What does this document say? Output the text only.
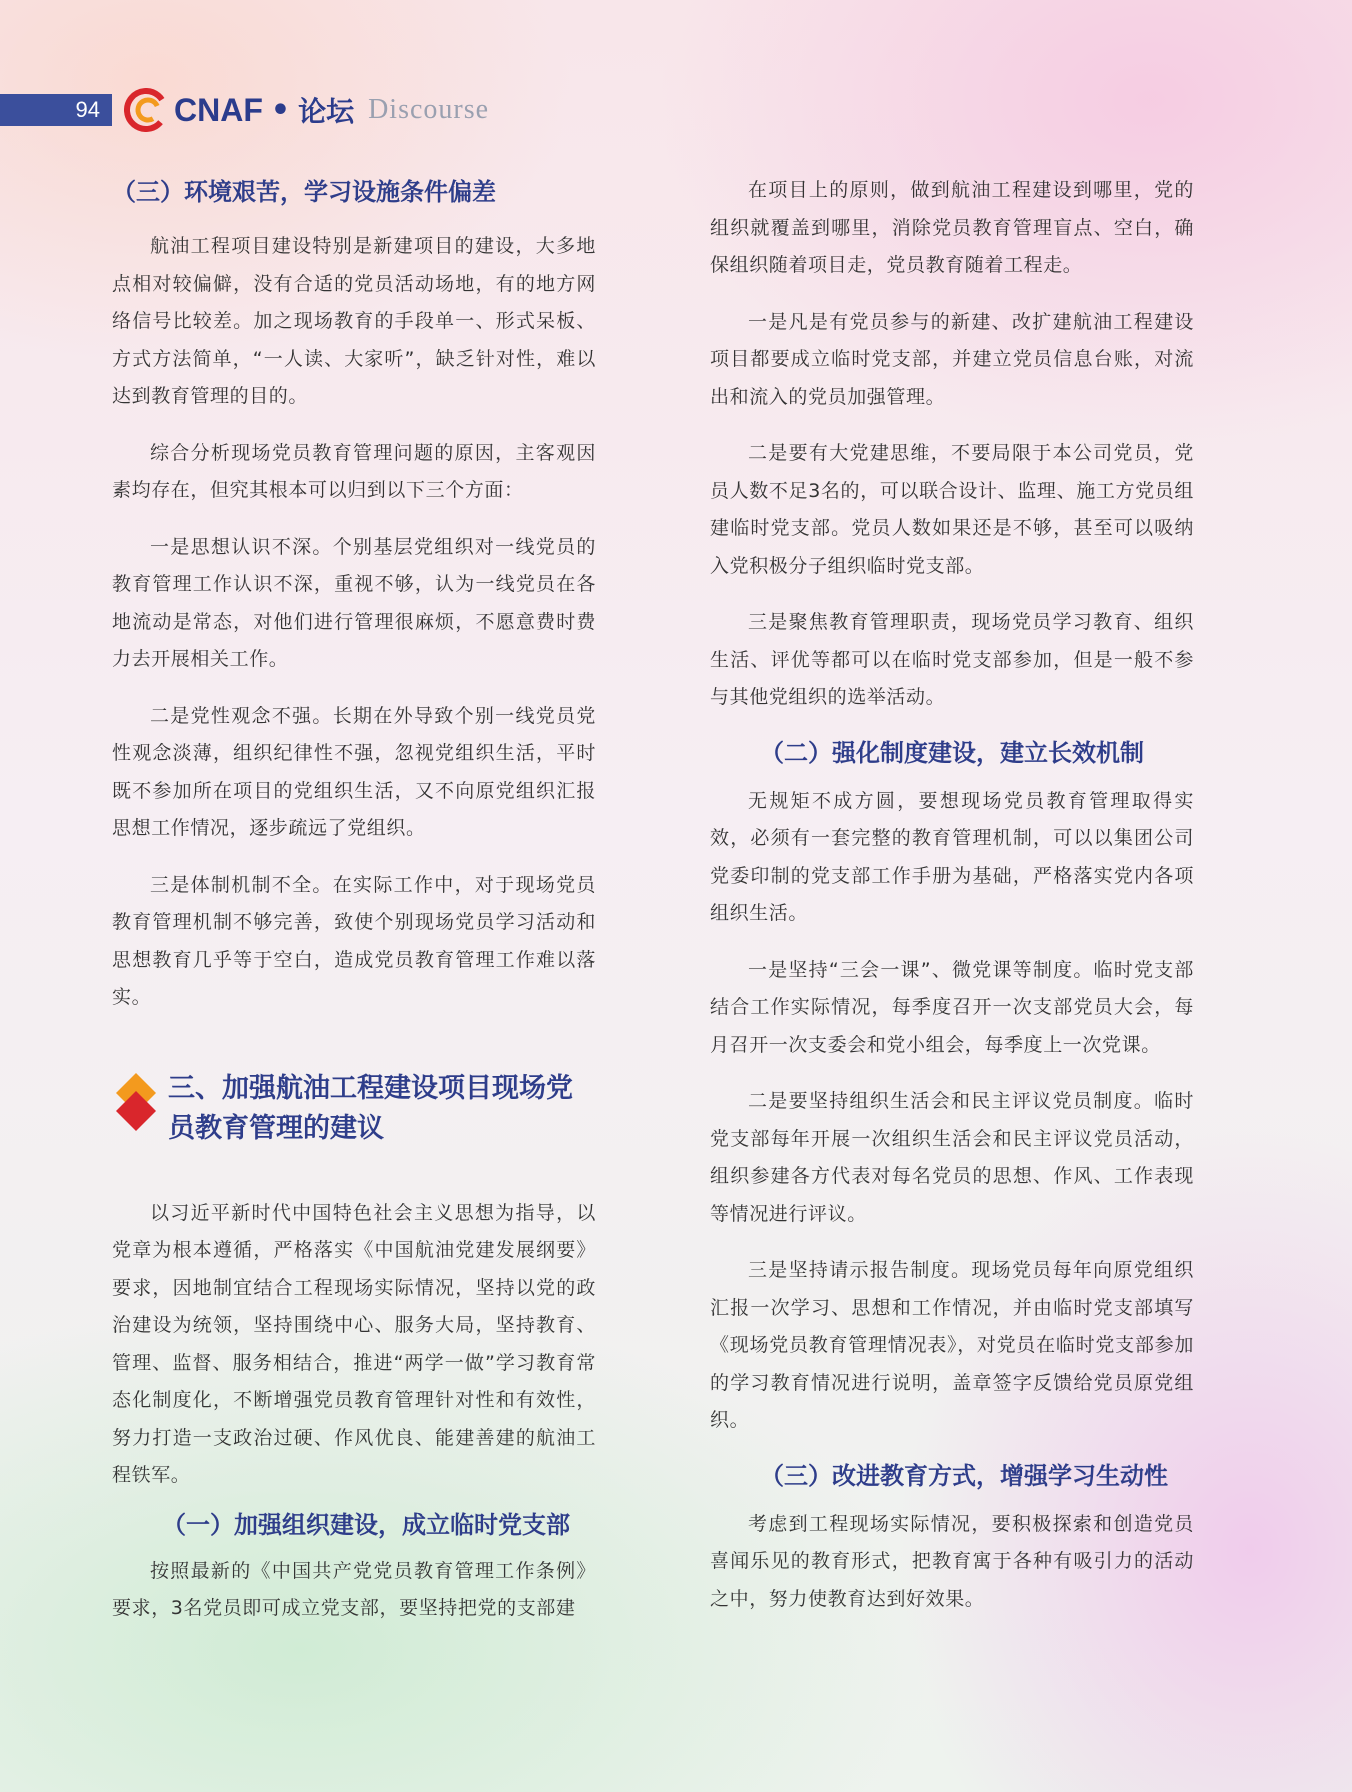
94	CNAF • 论坛 Discourse

（三）环境艰苦，学习设施条件偏差

航油工程项目建设特别是新建项目的建设，大多地点相对较偏僻，没有合适的党员活动场地，有的地方网络信号比较差。加之现场教育的手段单一、形式呆板、方式方法简单，“一人读、大家听”，缺乏针对性，难以达到教育管理的目的。

综合分析现场党员教育管理问题的原因，主客观因素均存在，但究其根本可以归到以下三个方面：

一是思想认识不深。个别基层党组织对一线党员的教育管理工作认识不深，重视不够，认为一线党员在各地流动是常态，对他们进行管理很麻烦，不愿意费时费力去开展相关工作。

二是党性观念不强。长期在外导致个别一线党员党性观念淡薄，组织纪律性不强，忽视党组织生活，平时既不参加所在项目的党组织生活，又不向原党组织汇报思想工作情况，逐步疏远了党组织。

三是体制机制不全。在实际工作中，对于现场党员教育管理机制不够完善，致使个别现场党员学习活动和思想教育几乎等于空白，造成党员教育管理工作难以落实。

三、加强航油工程建设项目现场党员教育管理的建议

以习近平新时代中国特色社会主义思想为指导，以党章为根本遵循，严格落实《中国航油党建发展纲要》要求，因地制宜结合工程现场实际情况，坚持以党的政治建设为统领，坚持围绕中心、服务大局，坚持教育、管理、监督、服务相结合，推进“两学一做”学习教育常态化制度化，不断增强党员教育管理针对性和有效性，努力打造一支政治过硬、作风优良、能建善建的航油工程铁军。

（一）加强组织建设，成立临时党支部

按照最新的《中国共产党党员教育管理工作条例》要求，3名党员即可成立党支部，要坚持把党的支部建

在项目上的原则，做到航油工程建设到哪里，党的组织就覆盖到哪里，消除党员教育管理盲点、空白，确保组织随着项目走，党员教育随着工程走。

一是凡是有党员参与的新建、改扩建航油工程建设项目都要成立临时党支部，并建立党员信息台账，对流出和流入的党员加强管理。

二是要有大党建思维，不要局限于本公司党员，党员人数不足3名的，可以联合设计、监理、施工方党员组建临时党支部。党员人数如果还是不够，甚至可以吸纳入党积极分子组织临时党支部。

三是聚焦教育管理职责，现场党员学习教育、组织生活、评优等都可以在临时党支部参加，但是一般不参与其他党组织的选举活动。

（二）强化制度建设，建立长效机制

无规矩不成方圆，要想现场党员教育管理取得实效，必须有一套完整的教育管理机制，可以以集团公司党委印制的党支部工作手册为基础，严格落实党内各项组织生活。

一是坚持“三会一课”、微党课等制度。临时党支部结合工作实际情况，每季度召开一次支部党员大会，每月召开一次支委会和党小组会，每季度上一次党课。

二是要坚持组织生活会和民主评议党员制度。临时党支部每年开展一次组织生活会和民主评议党员活动，组织参建各方代表对每名党员的思想、作风、工作表现等情况进行评议。

三是坚持请示报告制度。现场党员每年向原党组织汇报一次学习、思想和工作情况，并由临时党支部填写《现场党员教育管理情况表》，对党员在临时党支部参加的学习教育情况进行说明，盖章签字反馈给党员原党组织。

（三）改进教育方式，增强学习生动性

考虑到工程现场实际情况，要积极探索和创造党员喜闻乐见的教育形式，把教育寓于各种有吸引力的活动之中，努力使教育达到好效果。
